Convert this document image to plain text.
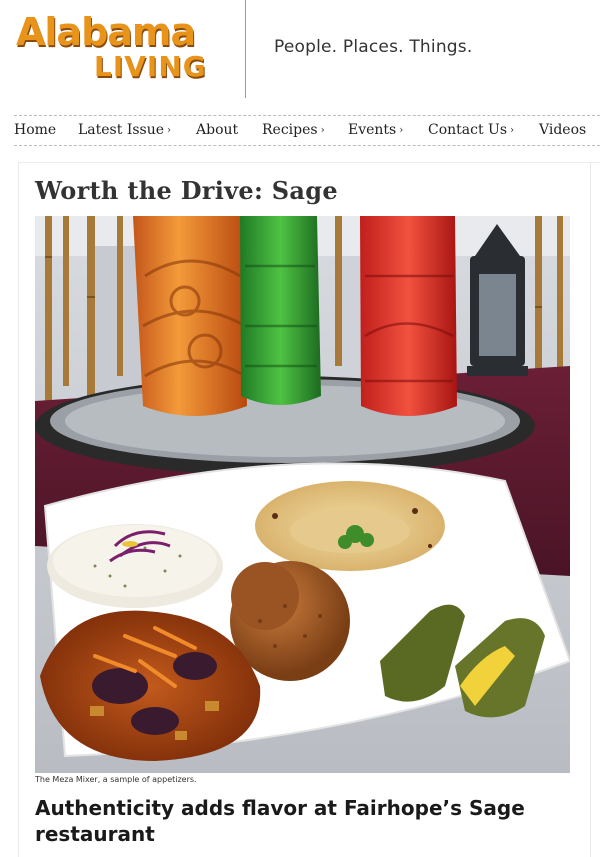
Alabama
LIVING
People. Places. Things.
Home Latest Issue › About Recipes › Events › Contact Us › Videos
Worth the Drive: Sage
The Meza Mixer, a sample of appetizers.
Authenticity adds flavor at Fairhope’s Sage restaurant
